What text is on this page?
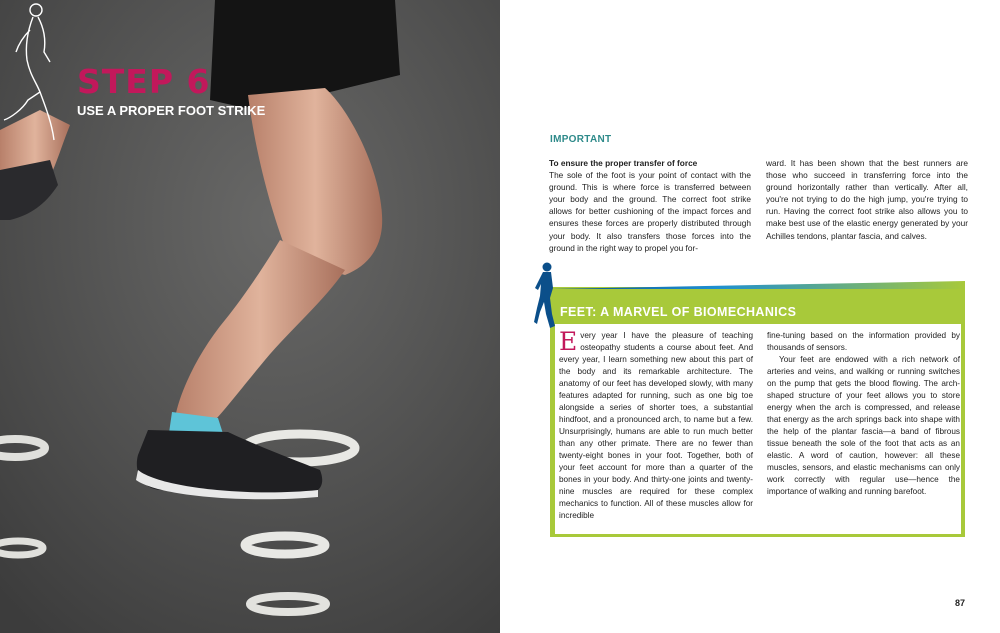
STEP 6
USE A PROPER FOOT STRIKE
IMPORTANT
To ensure the proper transfer of force
The sole of the foot is your point of contact with the ground. This is where force is transferred between your body and the ground. The correct foot strike allows for better cushioning of the impact forces and ensures these forces are properly distributed through your body. It also transfers those forces into the ground in the right way to propel you for-
ward. It has been shown that the best runners are those who succeed in transferring force into the ground horizontally rather than vertically. After all, you're not trying to do the high jump, you're trying to run. Having the correct foot strike also allows you to make best use of the elastic energy generated by your Achilles tendons, plantar fascia, and calves.
FEET: A MARVEL OF BIOMECHANICS
Every year I have the pleasure of teaching osteopathy students a course about feet. And every year, I learn something new about this part of the body and its remarkable architecture. The anatomy of our feet has developed slowly, with many features adapted for running, such as one big toe alongside a series of shorter toes, a substantial hindfoot, and a pronounced arch, to name but a few. Unsurprisingly, humans are able to run much better than any other primate. There are no fewer than twenty-eight bones in your foot. Together, both of your feet account for more than a quarter of the bones in your body. And thirty-one joints and twenty-nine muscles are required for these complex mechanics to function. All of these muscles allow for incredible
fine-tuning based on the information provided by thousands of sensors.
Your feet are endowed with a rich network of arteries and veins, and walking or running switches on the pump that gets the blood flowing. The arch-shaped structure of your feet allows you to store energy when the arch is compressed, and release that energy as the arch springs back into shape with the help of the plantar fascia—a band of fibrous tissue beneath the sole of the foot that acts as an elastic. A word of caution, however: all these muscles, sensors, and elastic mechanisms can only work correctly with regular use—hence the importance of walking and running barefoot.
87
